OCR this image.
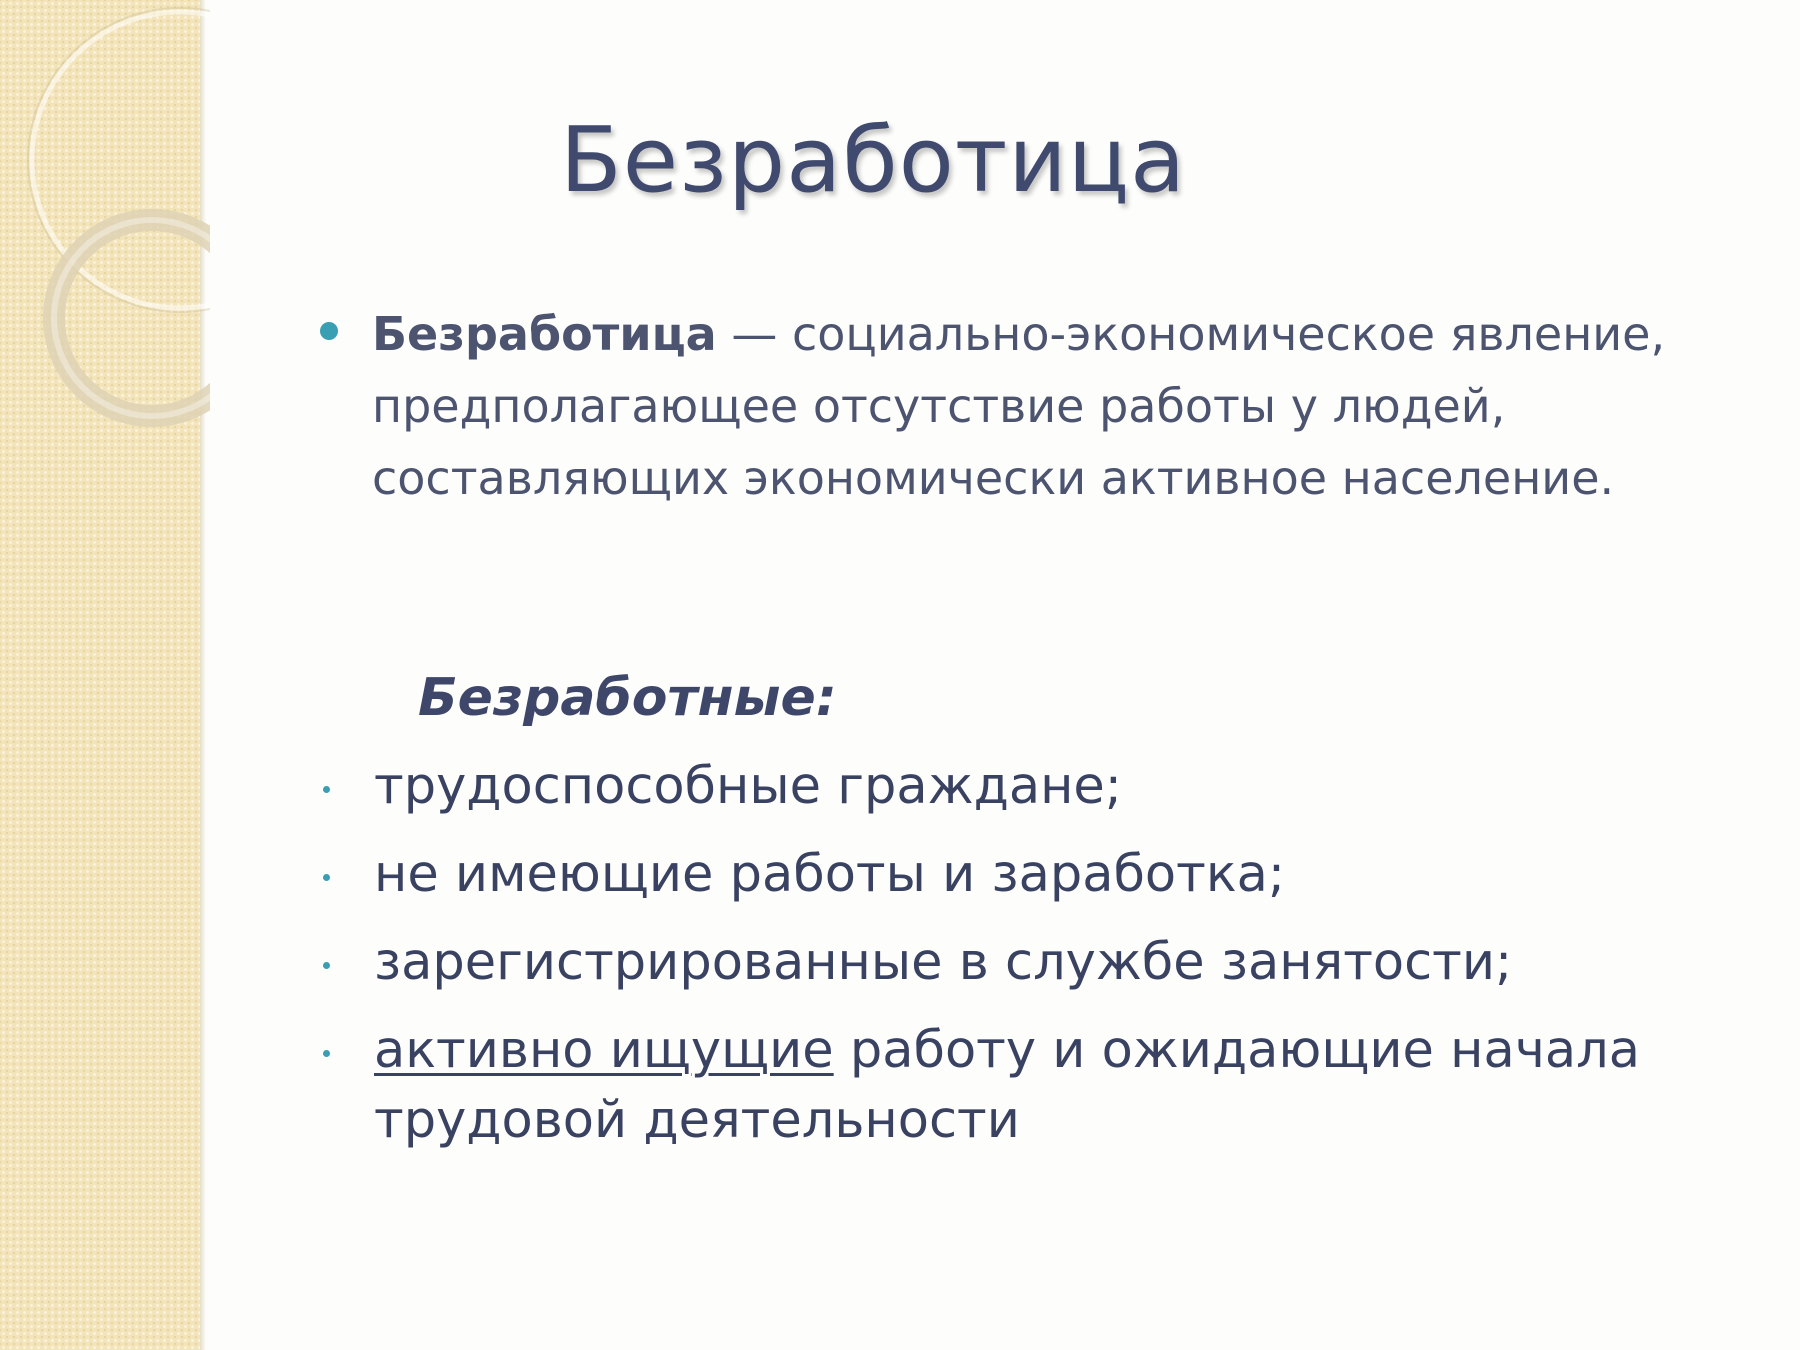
Безработица
Безработица — социально-экономическое явление, предполагающее отсутствие работы у людей, составляющих экономически активное население.
Безработные:
трудоспособные граждане;
не имеющие работы и заработка;
зарегистрированные в службе занятости;
активно ищущие работу и ожидающие начала трудовой деятельности
